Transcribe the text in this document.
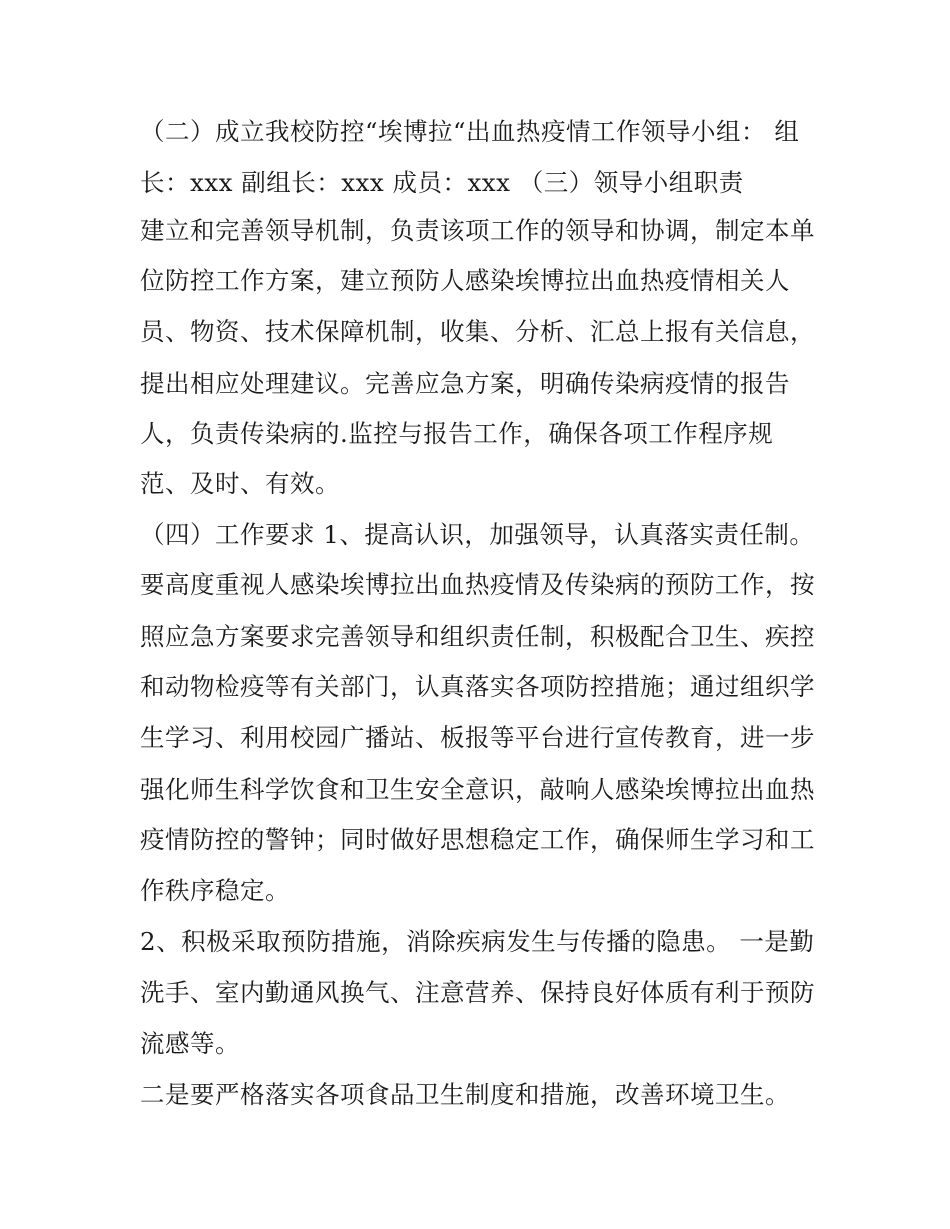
（二）成立我校防控“埃博拉“出血热疫情工作领导小组： 组

长：xxx 副组长：xxx 成员：xxx （三）领导小组职责

建立和完善领导机制，负责该项工作的领导和协调，制定本单

位防控工作方案，建立预防人感染埃博拉出血热疫情相关人

员、物资、技术保障机制，收集、分析、汇总上报有关信息，

提出相应处理建议。完善应急方案，明确传染病疫情的报告

人，负责传染病的.监控与报告工作，确保各项工作程序规

范、及时、有效。

（四）工作要求 1、提高认识，加强领导，认真落实责任制。

要高度重视人感染埃博拉出血热疫情及传染病的预防工作，按

照应急方案要求完善领导和组织责任制，积极配合卫生、疾控

和动物检疫等有关部门，认真落实各项防控措施；通过组织学

生学习、利用校园广播站、板报等平台进行宣传教育，进一步

强化师生科学饮食和卫生安全意识，敲响人感染埃博拉出血热

疫情防控的警钟；同时做好思想稳定工作，确保师生学习和工

作秩序稳定。

2、积极采取预防措施，消除疾病发生与传播的隐患。 一是勤

洗手、室内勤通风换气、注意营养、保持良好体质有利于预防

流感等。

二是要严格落实各项食品卫生制度和措施，改善环境卫生。
